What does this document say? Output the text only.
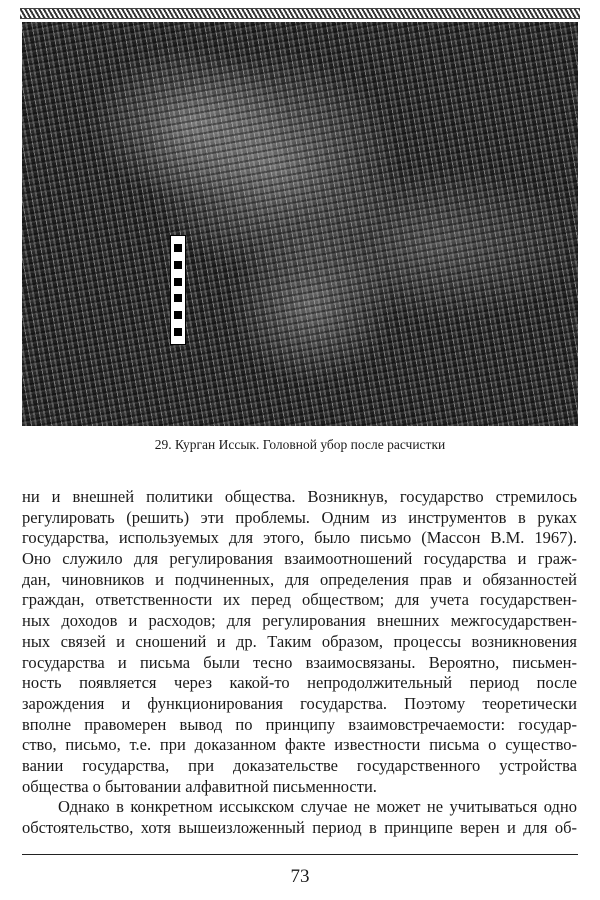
29. Курган Иссык. Головной убор после расчистки
ни и внешней политики общества. Возникнув, государство стремилось
регулировать (решить) эти проблемы. Одним из инструментов в руках
государства, используемых для этого, было письмо (Массон В.М. 1967).
Оно служило для регулирования взаимоотношений государства и граж-
дан, чиновников и подчиненных, для определения прав и обязанностей
граждан, ответственности их перед обществом; для учета государствен-
ных доходов и расходов; для регулирования внешних межгосударствен-
ных связей и сношений и др. Таким образом, процессы возникновения
государства и письма были тесно взаимосвязаны. Вероятно, письмен-
ность появляется через какой-то непродолжительный период после
зарождения и функционирования государства. Поэтому теоретически
вполне правомерен вывод по принципу взаимовстречаемости: государ-
ство, письмо, т.е. при доказанном факте известности письма о существо-
вании государства, при доказательстве государственного устройства
общества о бытовании алфавитной письменности.
Однако в конкретном иссыкском случае не может не учитываться одно
обстоятельство, хотя вышеизложенный период в принципе верен и для об-
73
